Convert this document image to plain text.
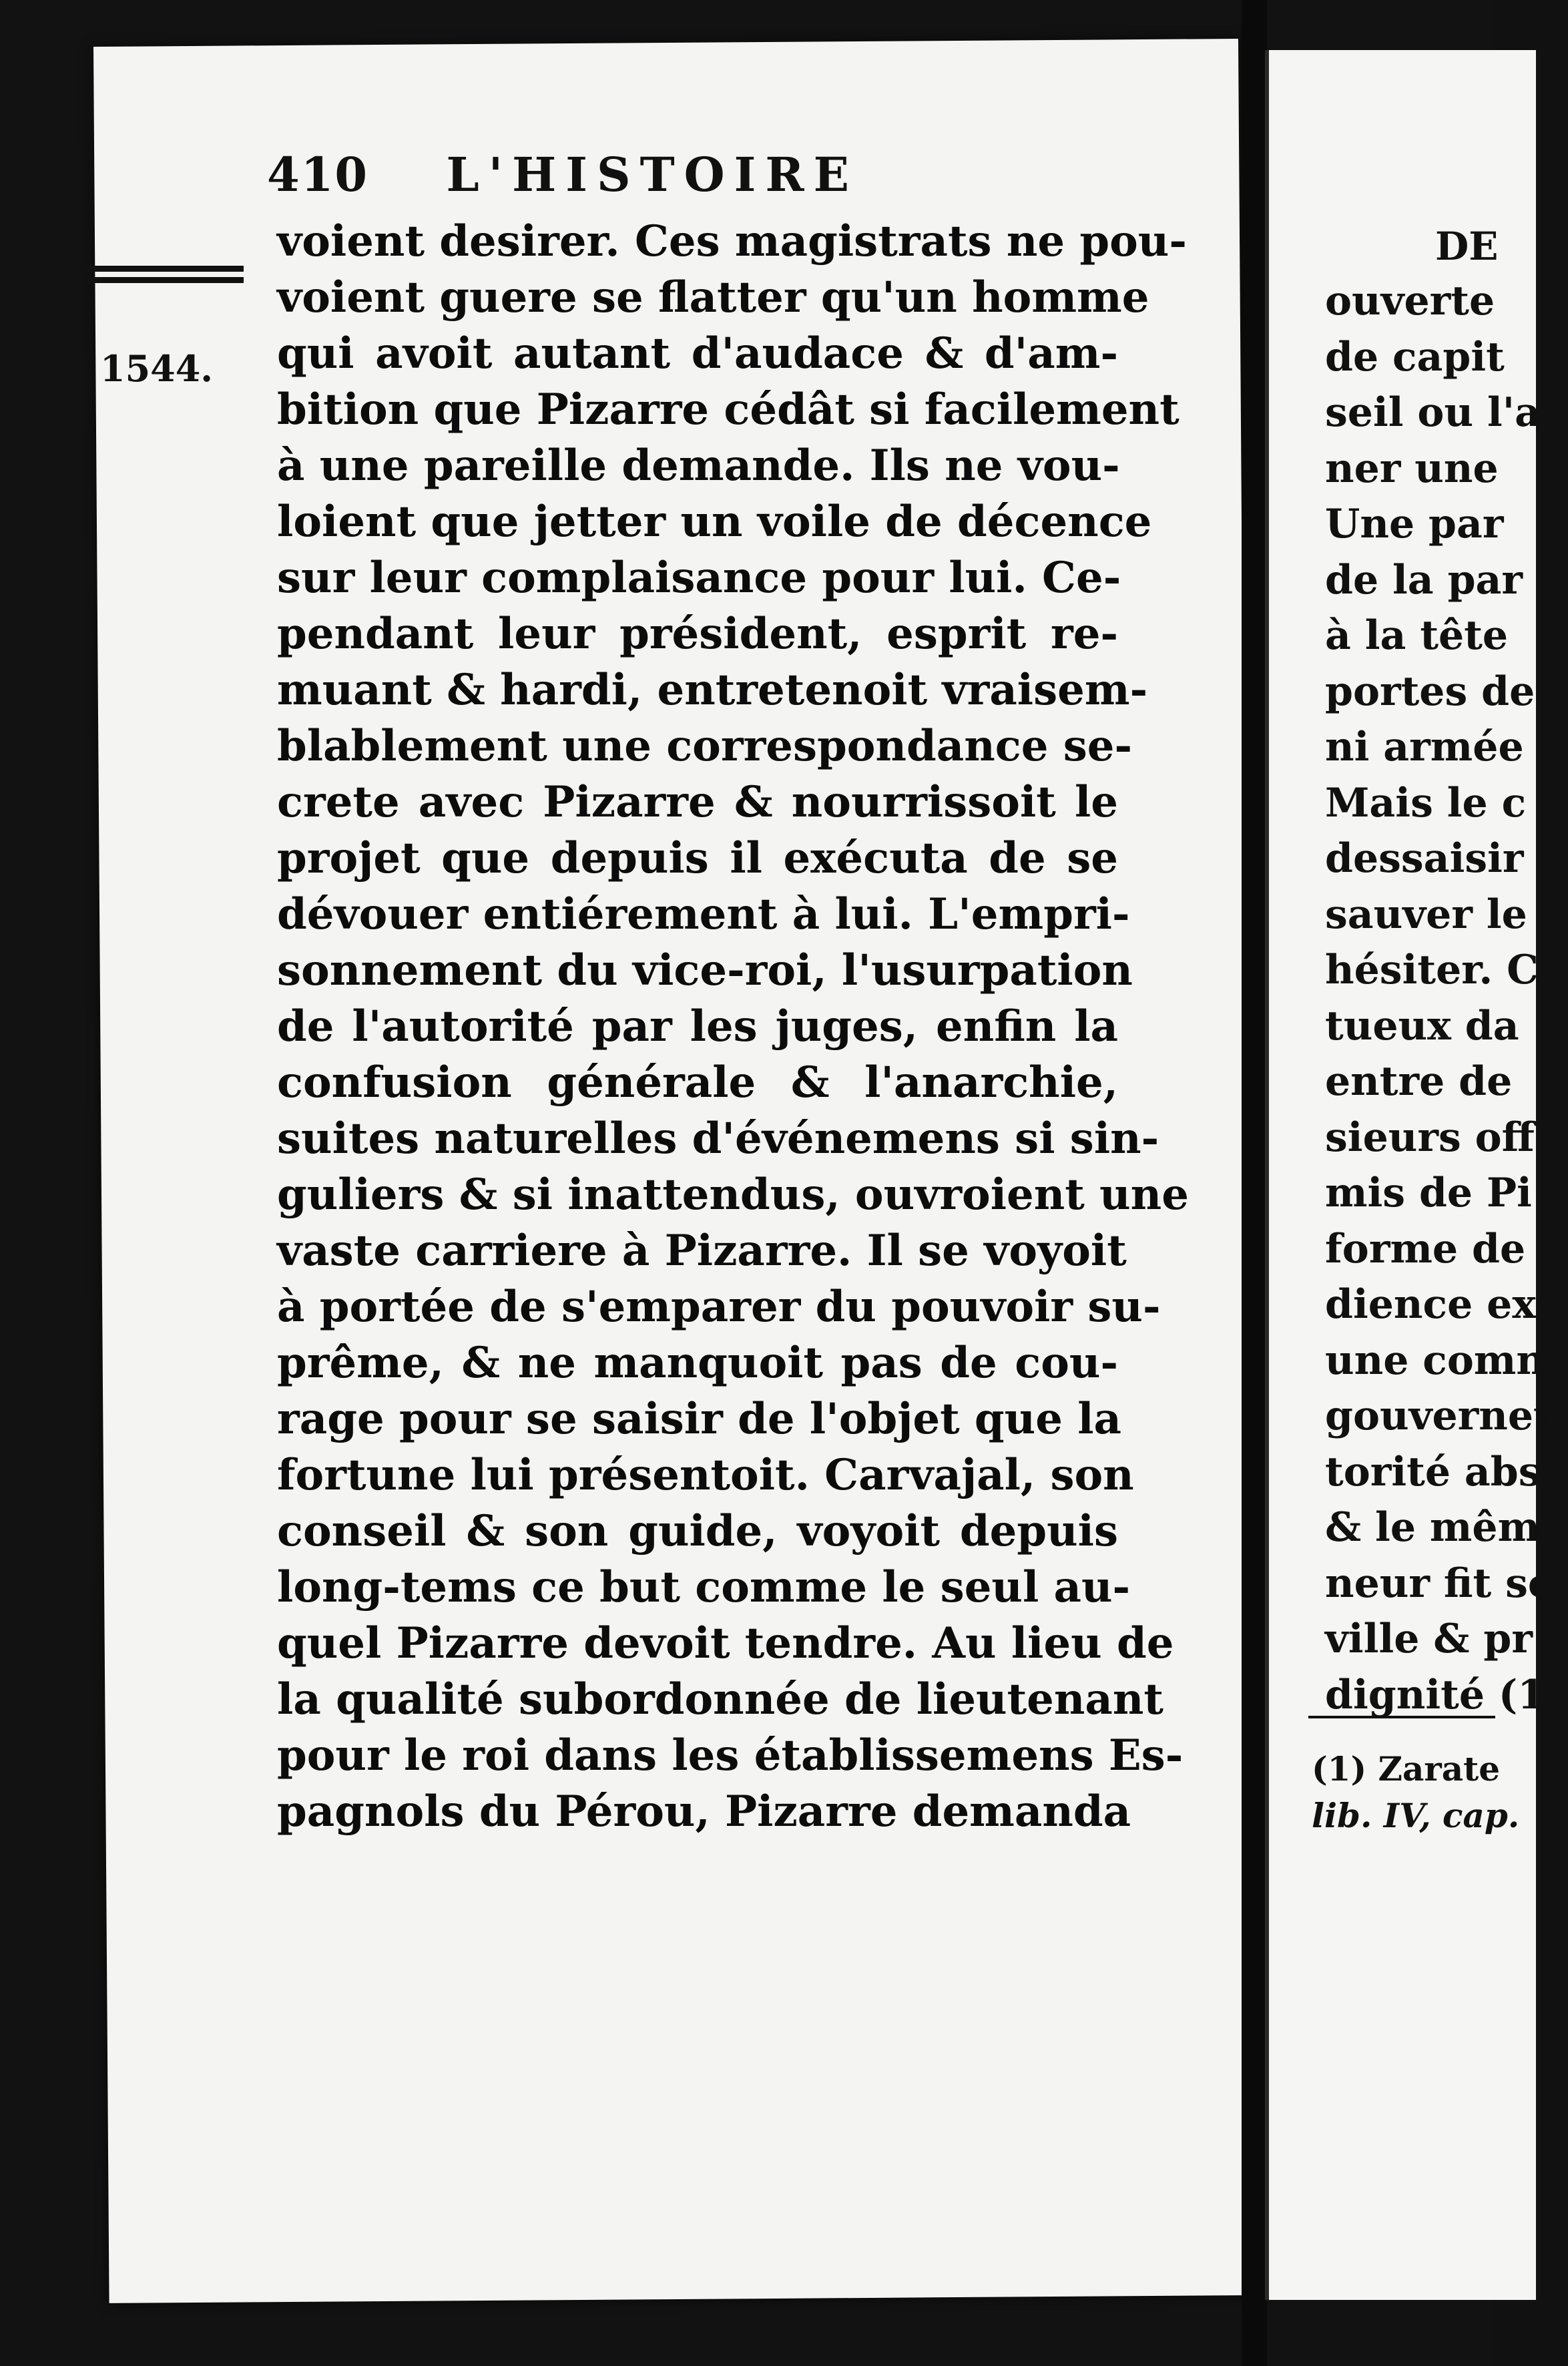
410 L'HISTOIRE
1544.
voient desirer. Ces magistrats ne pou-
voient guere se flatter qu'un homme
qui avoit autant d'audace & d'am-
bition que Pizarre cédât si facilement
à une pareille demande. Ils ne vou-
loient que jetter un voile de décence
sur leur complaisance pour lui. Ce-
pendant leur président, esprit re-
muant & hardi, entretenoit vraisem-
blablement une correspondance se-
crete avec Pizarre & nourrissoit le
projet que depuis il exécuta de se
dévouer entiérement à lui. L'empri-
sonnement du vice-roi, l'usurpation
de l'autorité par les juges, enfin la
confusion générale & l'anarchie,
suites naturelles d'événemens si sin-
guliers & si inattendus, ouvroient une
vaste carriere à Pizarre. Il se voyoit
à portée de s'emparer du pouvoir su-
prême, & ne manquoit pas de cou-
rage pour se saisir de l'objet que la
fortune lui présentoit. Carvajal, son
conseil & son guide, voyoit depuis
long-tems ce but comme le seul au-
quel Pizarre devoit tendre. Au lieu de
la qualité subordonnée de lieutenant
pour le roi dans les établissemens Es-
pagnols du Pérou, Pizarre demanda
DE
ouverte
de capit
seil ou l'a
ner une
Une par
de la par
à la tête
portes de
ni armée
Mais le c
dessaisir
sauver le
hésiter. C
tueux da
entre de
sieurs off
mis de Pi
forme de
dience ex
une comn
gouverneu
torité abso
& le mêm
neur fit so
ville & pr
dignité (1)
(1) Zarate
lib. IV, cap.
